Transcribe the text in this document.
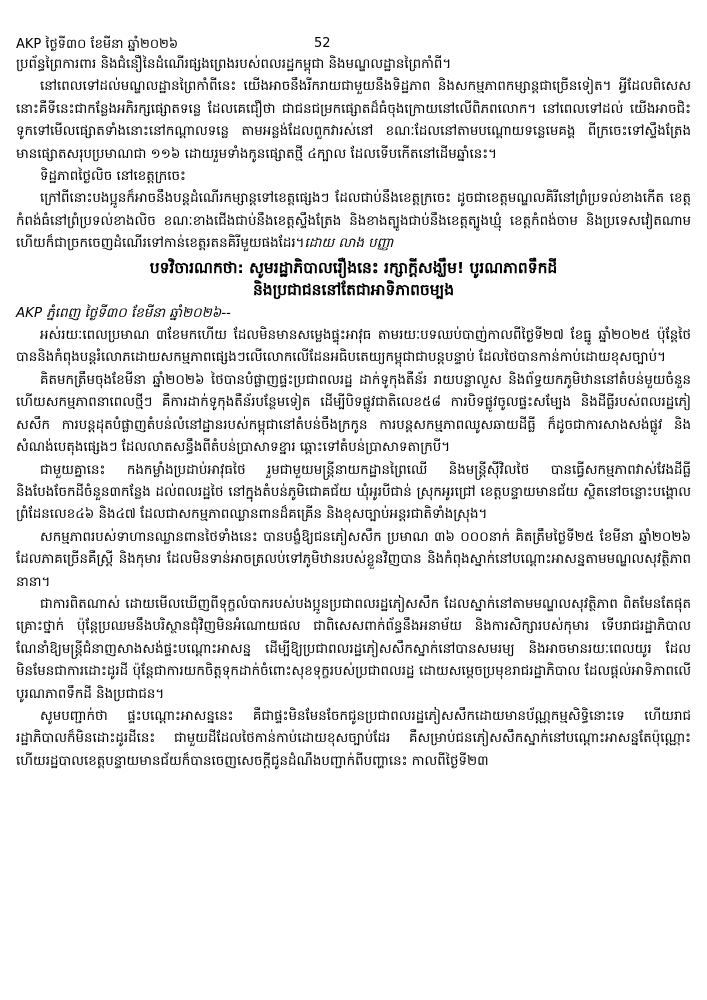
AKP ថ្ងៃទី៣០ ខែមីនា ឆ្នាំ២០២៦	52

ប្រព័ន្ធព្រៃការពារ និងជំនឿនៃដំណើរផ្សងព្រេងរបស់ពលរដ្ឋកម្ពុជា និងមណ្ឌលដ្ឋានព្រៃកាំពី។

នៅពេលទៅដល់មណ្ឌលដ្ឋានព្រៃកាំពីនេះ យើងអាចនឹងរីករាយជាមួយនឹងទិដ្ឋភាព និងសកម្មភាពកម្សាន្តជាច្រើនទៀត។ អ្វីដែលពិសេសនោះគឺទីនេះជាកន្លែងអភិរក្សផ្សោតទន្លេ ដែលគេជឿថា ជាជនជម្រកផ្សោតដ៏ធំចុងក្រោយនៅលើពិភពលោក។ នៅពេលទៅដល់ យើងអាចជិះទូកទៅមើលផ្សោតទាំងនោះនៅកណ្ដាលទន្លេ តាមអន្លង់ដែលពួកវារស់នៅ ខណៈដែលនៅតាមបណ្ដោយទន្លេមេគង្គ ពីក្រចេះទៅស្ទឹងត្រែង មានផ្សោតសរុបប្រមាណជា ១១៦ ដោយរួមទាំងកូនផ្សោតថ្មី ៤ក្បាល ដែលទើបកើតនៅដើមឆ្នាំនេះ។

ទិដ្ឋភាពថ្ងៃលិច នៅខេត្តក្រចេះ

ក្រៅពីនោះបងប្អូនក៏អាចនឹងបន្តដំណើរកម្សាន្តទៅខេត្តផ្សេងៗ ដែលជាប់នឹងខេត្តក្រចេះ ដូចជាខេត្តមណ្ឌលគិរីនៅព្រំប្រទល់ខាងកើត ខេត្តកំពង់ធំនៅព្រំប្រទល់ខាងលិច ខណៈខាងជើងជាប់នឹងខេត្តស្ទឹងត្រែង និងខាងត្បូងជាប់នឹងខេត្តត្បូងឃ្មុំ ខេត្តកំពង់ចាម និងប្រទេសវៀតណាម ហើយក៏ជាច្រកចេញដំណើរទៅកាន់ខេត្តរតនគិរីមួយផងដែរ។ដោយ លាង បញ្ញា

បទវិចារណកថា: សូមរដ្ឋាភិបាលរឿងនេះ រក្សាក្តីសង្ឃឹម! បូរណភាពទឹកដី
និងប្រជាជននៅតែជាអាទិភាពចម្បង

AKP ភ្នំពេញ ថ្ងៃទី៣០ ខែមីនា ឆ្នាំ២០២៦--

អស់រយៈពេលប្រមាណ ៣ខែមកហើយ ដែលមិនមានសម្លេងផ្ទុះអាវុធ តាមរយៈបទឈប់បាញ់កាលពីថ្ងៃទី២៧ ខែធ្នូ ឆ្នាំ២០២៥ ប៉ុន្តែថៃបាននិងកំពុងបន្តរំលោភដោយសកម្មភាពផ្សេងៗលើលោកលើដែនអធិបតេយ្យកម្ពុជាជាបន្តបន្ទាប់ ដែលថៃបានកាន់កាប់ដោយខុសច្បាប់។

គិតមកត្រឹមចុងខែមីនា ឆ្នាំ២០២៦ ថៃបានបំផ្លាញផ្ទះប្រជាពលរដ្ឋ ដាក់ទូកុងតឺន័រ រាយបន្លាលួស និងព័ទ្ធយកភូមិឋាននៅតំបន់មួយចំនួន ហើយសកម្មភាពនាពេលថ្មីៗ គឺការដាក់ទូកុងតឺន័របន្ថែមទៀត ដើម្បីបិទផ្លូវជាតិលេខ៥៨ ការបិទផ្លូវចូលផ្ទះសម្បែង និងដីធ្លីរបស់ពលរដ្ឋភៀសសឹក ការបន្តដុតបំផ្លាញតំបន់លំនៅដ្ឋានរបស់កម្ពុជានៅតំបន់ចឹងក្រកូន ការបន្តសកម្មភាពឈូសឆាយដីធ្លី ក៏ដូចជាការសាងសង់ផ្លូវ និងសំណង់បេតុងផ្សេងៗ ដែលលាតសន្ធឹងពីតំបន់ប្រាសាទខ្នារ ឆ្ពោះទៅតំបន់ប្រាសាទតាក្របី។

ជាមួយគ្នានេះ កងកម្លាំងប្រដាប់អាវុធថៃ រួមជាមួយមន្ត្រីនាយកដ្ឋានព្រៃឈើ និងមន្ត្រីស៊ីវិលថៃ បានធ្វើសកម្មភាពវាស់វែងដីធ្លី និងបែងចែកដីចំនួន៣កន្លែង ដល់ពលរដ្ឋថៃ នៅក្នុងតំបន់ភូមិជោគជ័យ ឃុំអូរបីជាន់ ស្រុកអូរជ្រៅ ខេត្តបន្ទាយមានជ័យ ស្ថិតនៅចន្លោះបង្គោលព្រំដែនលេខ៤៦ និង៤៧ ដែលជាសកម្មភាពឈ្លានពានដ៏គគ្រើន និងខុសច្បាប់អន្តរជាតិទាំងស្រុង។

សកម្មភាពរបស់ទាហានឈ្លានពានថៃទាំងនេះ បានបង្ខំឱ្យជនភៀសសឹក ប្រមាណ ៣៦ ០០០នាក់ គិតត្រឹមថ្ងៃទី២៥ ខែមីនា ឆ្នាំ២០២៦ ដែលភាគច្រើនគឺស្ត្រី និងកុមារ ដែលមិនទាន់អាចត្រលប់ទៅភូមិឋានរបស់ខ្លួនវិញបាន និងកំពុងស្នាក់នៅបណ្ដោះអាសន្នតាមមណ្ឌលសុវត្ថិភាពនានា។

ជាការពិតណាស់ ដោយមើលឃើញពីទុក្ខលំបាករបស់បងប្អូនប្រជាពលរដ្ឋភៀសសឹក ដែលស្នាក់នៅតាមមណ្ឌលសុវត្ថិភាព ពិតមែនតែផុតគ្រោះថ្នាក់ ប៉ុន្តែប្រឈមនឹងបរិស្ថានជុំវិញមិនអំណោយផល ជាពិសេសពាក់ព័ន្ធនឹងអនាម័យ និងការសិក្សារបស់កុមារ ទើបរាជរដ្ឋាភិបាល ណែនាំឱ្យមន្ត្រីជំនាញសាងសង់ផ្ទះបណ្ដោះអាសន្ន ដើម្បីឱ្យប្រជាពលរដ្ឋភៀសសឹកស្នាក់នៅបានសមរម្យ និងអាចមានរយៈពេលយូរ ដែលមិនមែនជាការដោះដូរដី ប៉ុន្តែជាការយកចិត្តទុកដាក់ចំពោះសុខទុក្ខរបស់ប្រជាពលរដ្ឋ ដោយសម្ដេចប្រមុខរាជរដ្ឋាភិបាល ដែលផ្ដល់អាទិភាពលើ បូរណភាពទឹកដី និងប្រជាជន។

សូមបញ្ជាក់ថា ផ្ទះបណ្ដោះអាសន្ននេះ គឺជាផ្ទះមិនមែនចែកជូនប្រជាពលរដ្ឋភៀសសឹកដោយមានប័ណ្ណកម្មសិទ្ធិនោះទេ ហើយរាជរដ្ឋាភិបាលក៏មិនដោះដូរដីនេះ ជាមួយដីដែលថៃកាន់កាប់ដោយខុសច្បាប់ដែរ គឺសម្រាប់ជនភៀសសឹកស្នាក់នៅបណ្ដោះអាសន្នតែប៉ុណ្ណោះ ហើយរដ្ឋបាលខេត្តបន្ទាយមានជ័យក៏បានចេញសេចក្ដីជូនដំណឹងបញ្ជាក់ពីបញ្ហានេះ កាលពីថ្ងៃទី២៣
